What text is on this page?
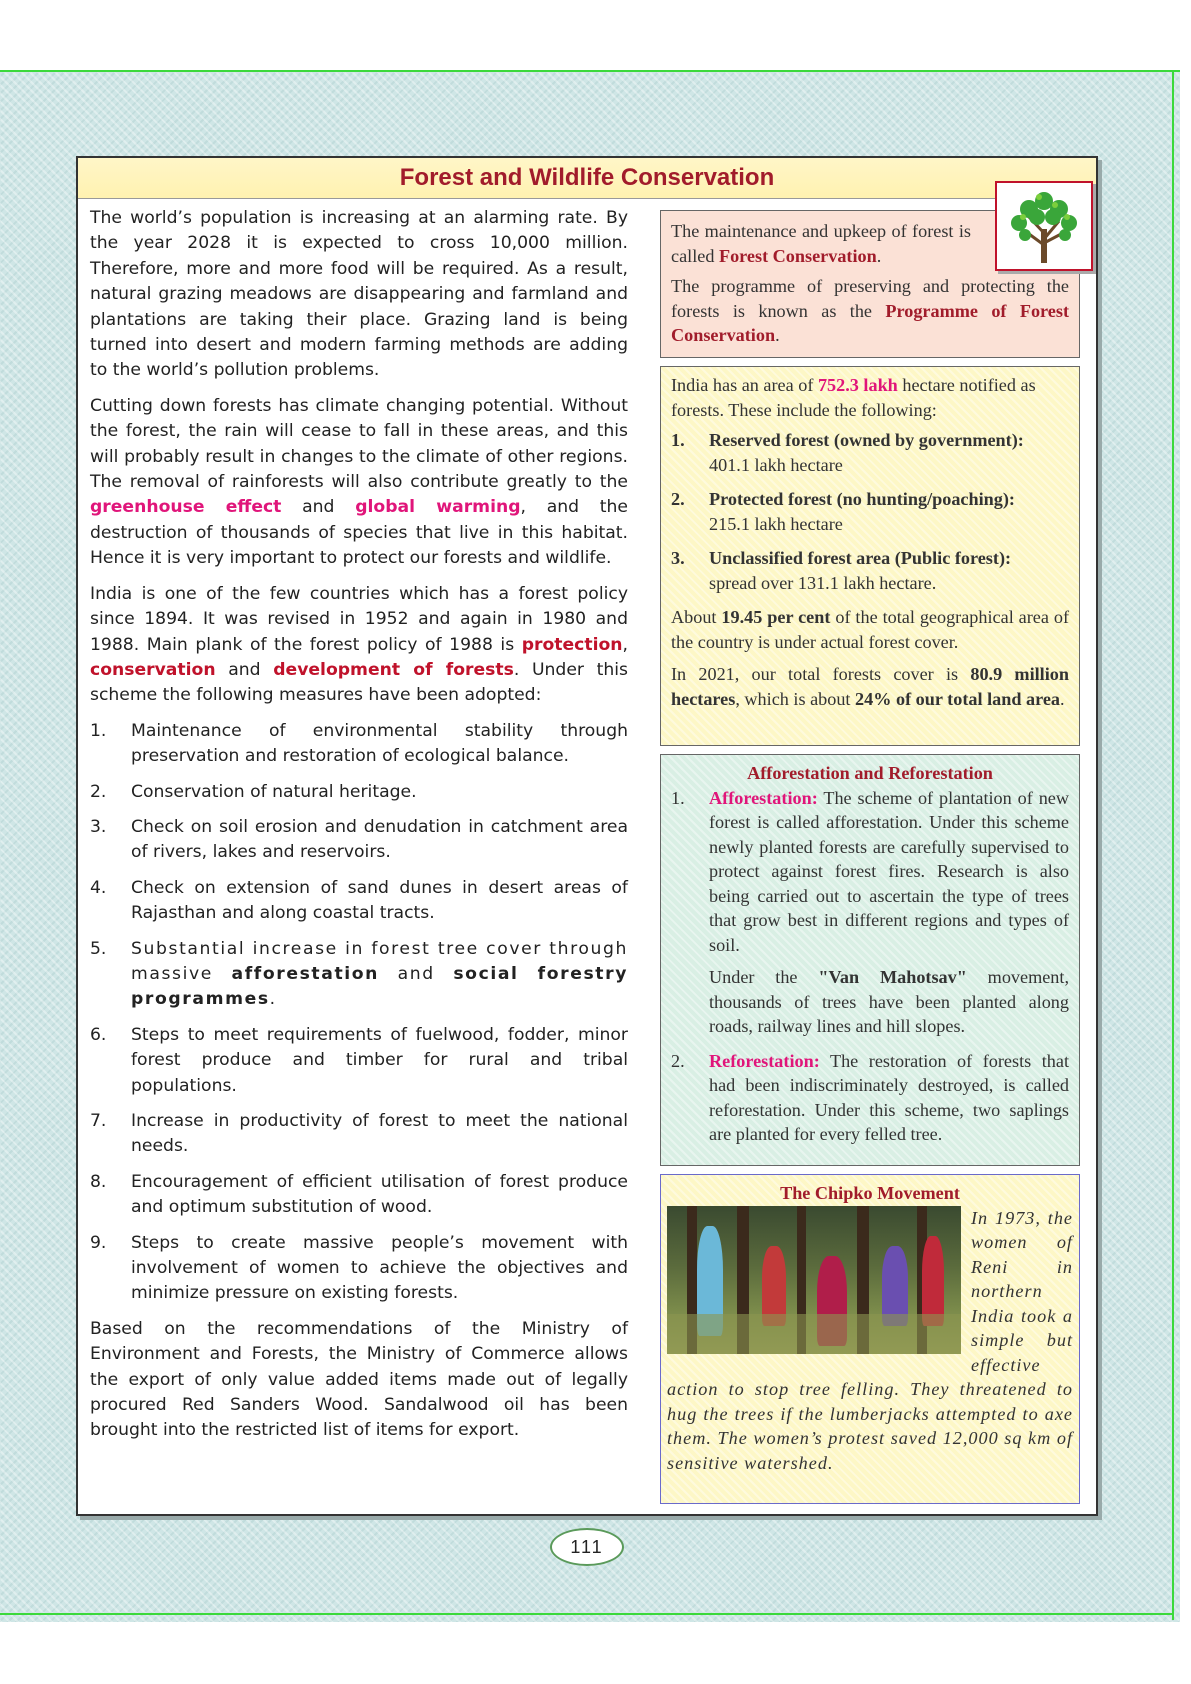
Forest and Wildlife Conservation

The world’s population is increasing at an alarming rate. By the year 2028 it is expected to cross 10,000 million. Therefore, more and more food will be required. As a result, natural grazing meadows are disappearing and farmland and plantations are taking their place. Grazing land is being turned into desert and modern farming methods are adding to the world’s pollution problems.

Cutting down forests has climate changing potential. Without the forest, the rain will cease to fall in these areas, and this will probably result in changes to the climate of other regions. The removal of rainforests will also contribute greatly to the greenhouse effect and global warming, and the destruction of thousands of species that live in this habitat. Hence it is very important to protect our forests and wildlife.

India is one of the few countries which has a forest policy since 1894. It was revised in 1952 and again in 1980 and 1988. Main plank of the forest policy of 1988 is protection, conservation and development of forests. Under this scheme the following measures have been adopted:

1. Maintenance of environmental stability through preservation and restoration of ecological balance.
2. Conservation of natural heritage.
3. Check on soil erosion and denudation in catchment area of rivers, lakes and reservoirs.
4. Check on extension of sand dunes in desert areas of Rajasthan and along coastal tracts.
5. Substantial increase in forest tree cover through massive afforestation and social forestry programmes.
6. Steps to meet requirements of fuelwood, fodder, minor forest produce and timber for rural and tribal populations.
7. Increase in productivity of forest to meet the national needs.
8. Encouragement of efficient utilisation of forest produce and optimum substitution of wood.
9. Steps to create massive people’s movement with involvement of women to achieve the objectives and minimize pressure on existing forests.

Based on the recommendations of the Ministry of Environment and Forests, the Ministry of Commerce allows the export of only value added items made out of legally procured Red Sanders Wood. Sandalwood oil has been brought into the restricted list of items for export.

The maintenance and upkeep of forest is called Forest Conservation.

The programme of preserving and protecting the forests is known as the Programme of Forest Conservation.

India has an area of 752.3 lakh hectare notified as forests. These include the following:

1. Reserved forest (owned by government):
401.1 lakh hectare
2. Protected forest (no hunting/poaching):
215.1 lakh hectare
3. Unclassified forest area (Public forest):
spread over 131.1 lakh hectare.

About 19.45 per cent of the total geographical area of the country is under actual forest cover.

In 2021, our total forests cover is 80.9 million hectares, which is about 24% of our total land area.

Afforestation and Reforestation

1. Afforestation: The scheme of plantation of new forest is called afforestation. Under this scheme newly planted forests are carefully supervised to protect against forest fires. Research is also being carried out to ascertain the type of trees that grow best in different regions and types of soil.

Under the "Van Mahotsav" movement, thousands of trees have been planted along roads, railway lines and hill slopes.

2. Reforestation: The restoration of forests that had been indiscriminately destroyed, is called reforestation. Under this scheme, two saplings are planted for every felled tree.

The Chipko Movement

In 1973, the women of Reni in northern India took a simple but effective action to stop tree felling. They threatened to hug the trees if the lumberjacks attempted to axe them. The women’s protest saved 12,000 sq km of sensitive watershed.

111
